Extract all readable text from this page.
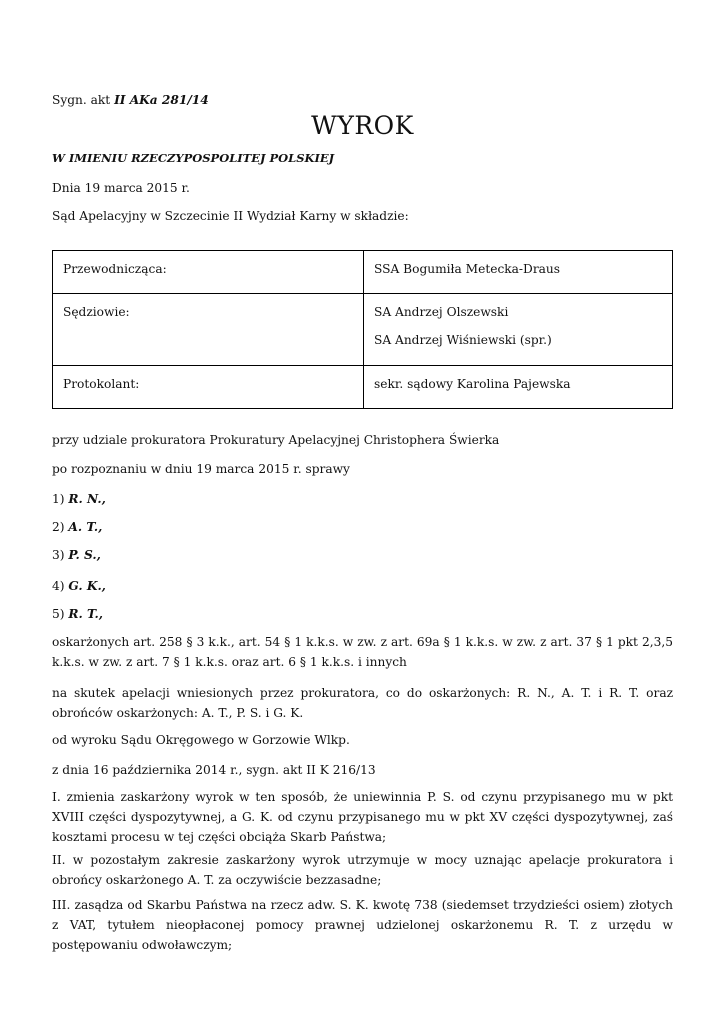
Sygn. akt II AKa 281/14

WYROK

W IMIENIU RZECZYPOSPOLITEJ POLSKIEJ

Dnia 19 marca 2015 r.

Sąd Apelacyjny w Szczecinie II Wydział Karny w składzie:

Przewodnicząca:	SSA Bogumiła Metecka-Draus
Sędziowie:	SA Andrzej Olszewski
SA Andrzej Wiśniewski (spr.)

Protokolant:	sekr. sądowy Karolina Pajewska

przy udziale prokuratora Prokuratury Apelacyjnej Christophera Świerka

po rozpoznaniu w dniu 19 marca 2015 r. sprawy

1) R. N.,

2) A. T.,

3) P. S.,

4) G. K.,

5) R. T.,

oskarżonych art. 258 § 3 k.k., art. 54 § 1 k.k.s. w zw. z art. 69a § 1 k.k.s. w zw. z art. 37 § 1 pkt 2,3,5 k.k.s. w zw. z art. 7 § 1 k.k.s. oraz art. 6 § 1 k.k.s. i innych

na skutek apelacji wniesionych przez prokuratora, co do oskarżonych: R. N., A. T. i R. T. oraz obrońców oskarżonych: A. T., P. S. i G. K.

od wyroku Sądu Okręgowego w Gorzowie Wlkp.

z dnia 16 października 2014 r., sygn. akt II K 216/13

I. zmienia zaskarżony wyrok w ten sposób, że uniewinnia P. S. od czynu przypisanego mu w pkt XVIII części dyspozytywnej, a G. K. od czynu przypisanego mu w pkt XV części dyspozytywnej, zaś kosztami procesu w tej części obciąża Skarb Państwa;

II. w pozostałym zakresie zaskarżony wyrok utrzymuje w mocy uznając apelacje prokuratora i obrońcy oskarżonego A. T. za oczywiście bezzasadne;

III. zasądza od Skarbu Państwa na rzecz adw. S. K. kwotę 738 (siedemset trzydzieści osiem) złotych z VAT, tytułem nieopłaconej pomocy prawnej udzielonej oskarżonemu R. T. z urzędu w postępowaniu odwoławczym;
